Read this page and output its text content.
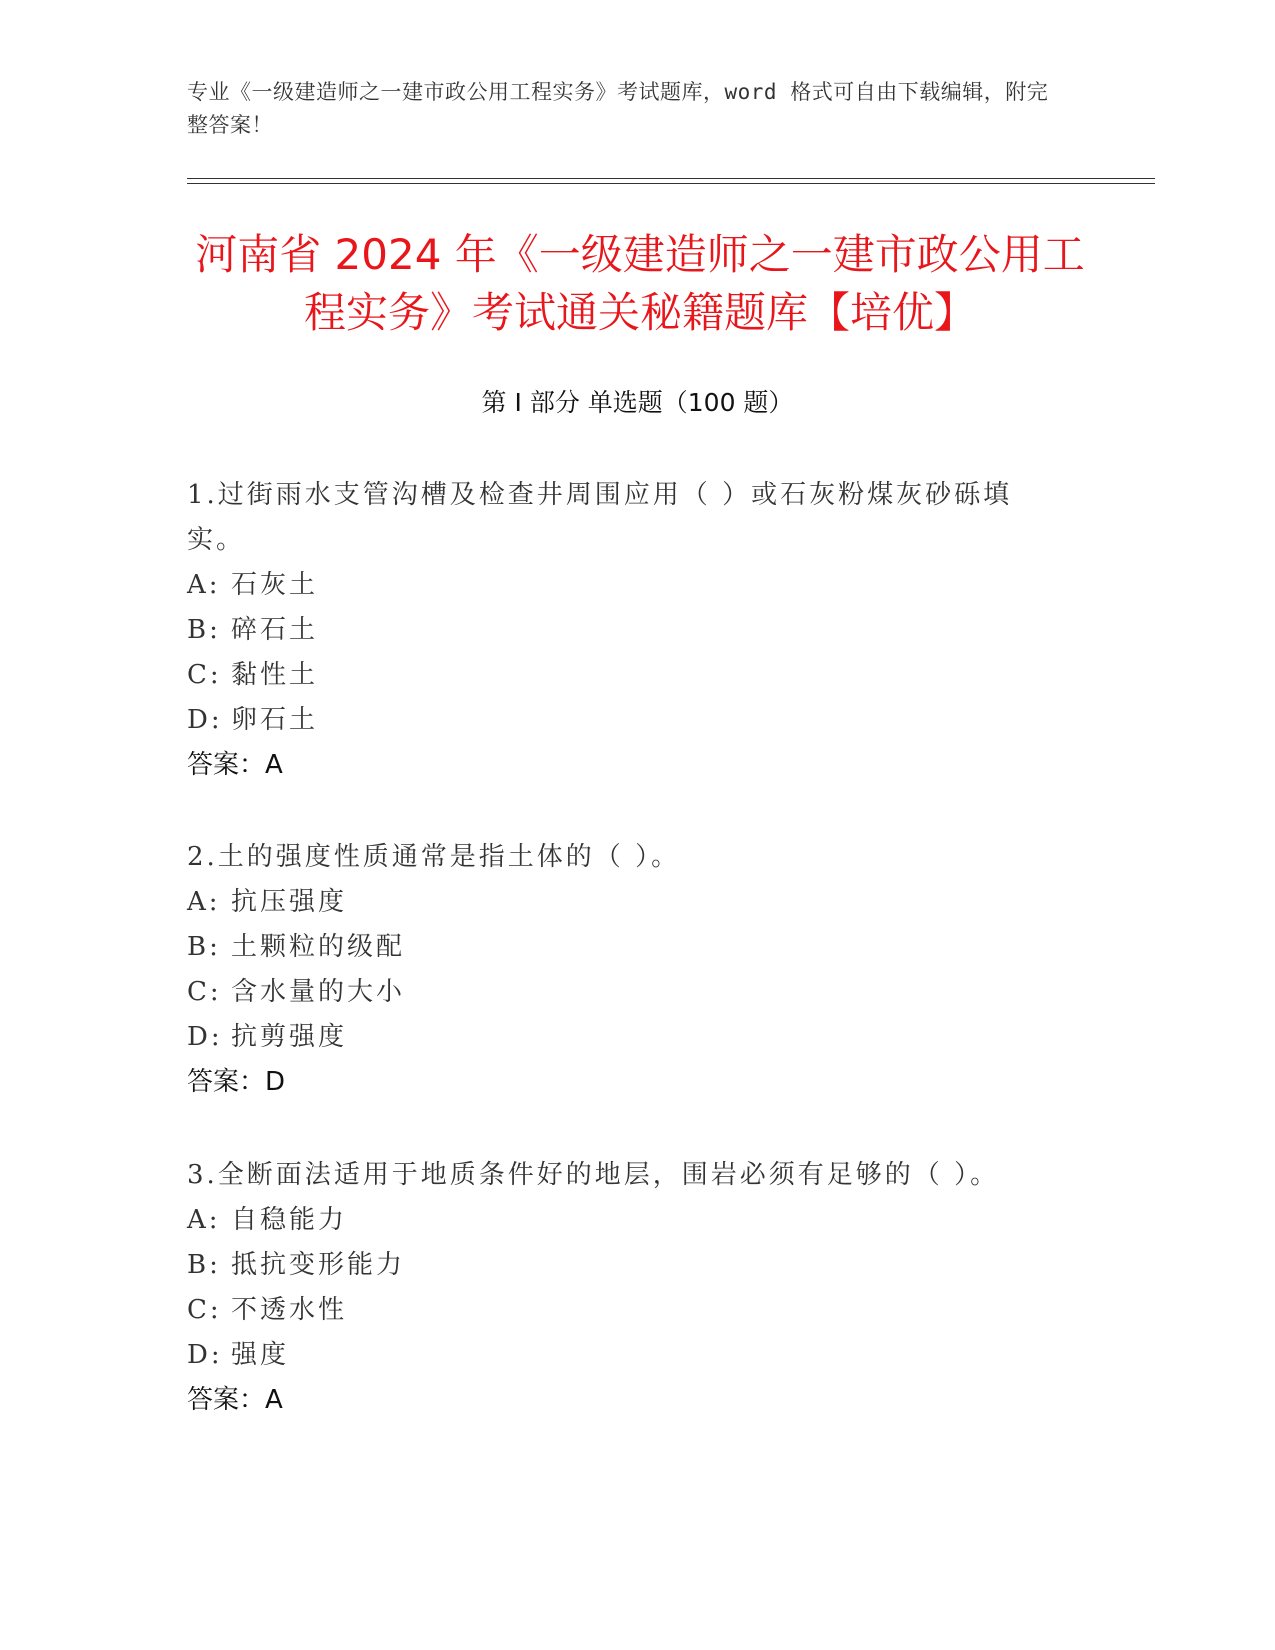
专业《一级建造师之一建市政公用工程实务》考试题库，word 格式可自由下载编辑，附完整答案！
河南省 2024 年《一级建造师之一建市政公用工程实务》考试通关秘籍题库【培优】
第 I 部分 单选题（100 题）
1.过街雨水支管沟槽及检查井周围应用（ ）或石灰粉煤灰砂砾填实。
A: 石灰土
B: 碎石土
C: 黏性土
D: 卵石土
答案：A
2.土的强度性质通常是指土体的（ ）。
A: 抗压强度
B: 土颗粒的级配
C: 含水量的大小
D: 抗剪强度
答案：D
3.全断面法适用于地质条件好的地层，围岩必须有足够的（ ）。
A: 自稳能力
B: 抵抗变形能力
C: 不透水性
D: 强度
答案：A
